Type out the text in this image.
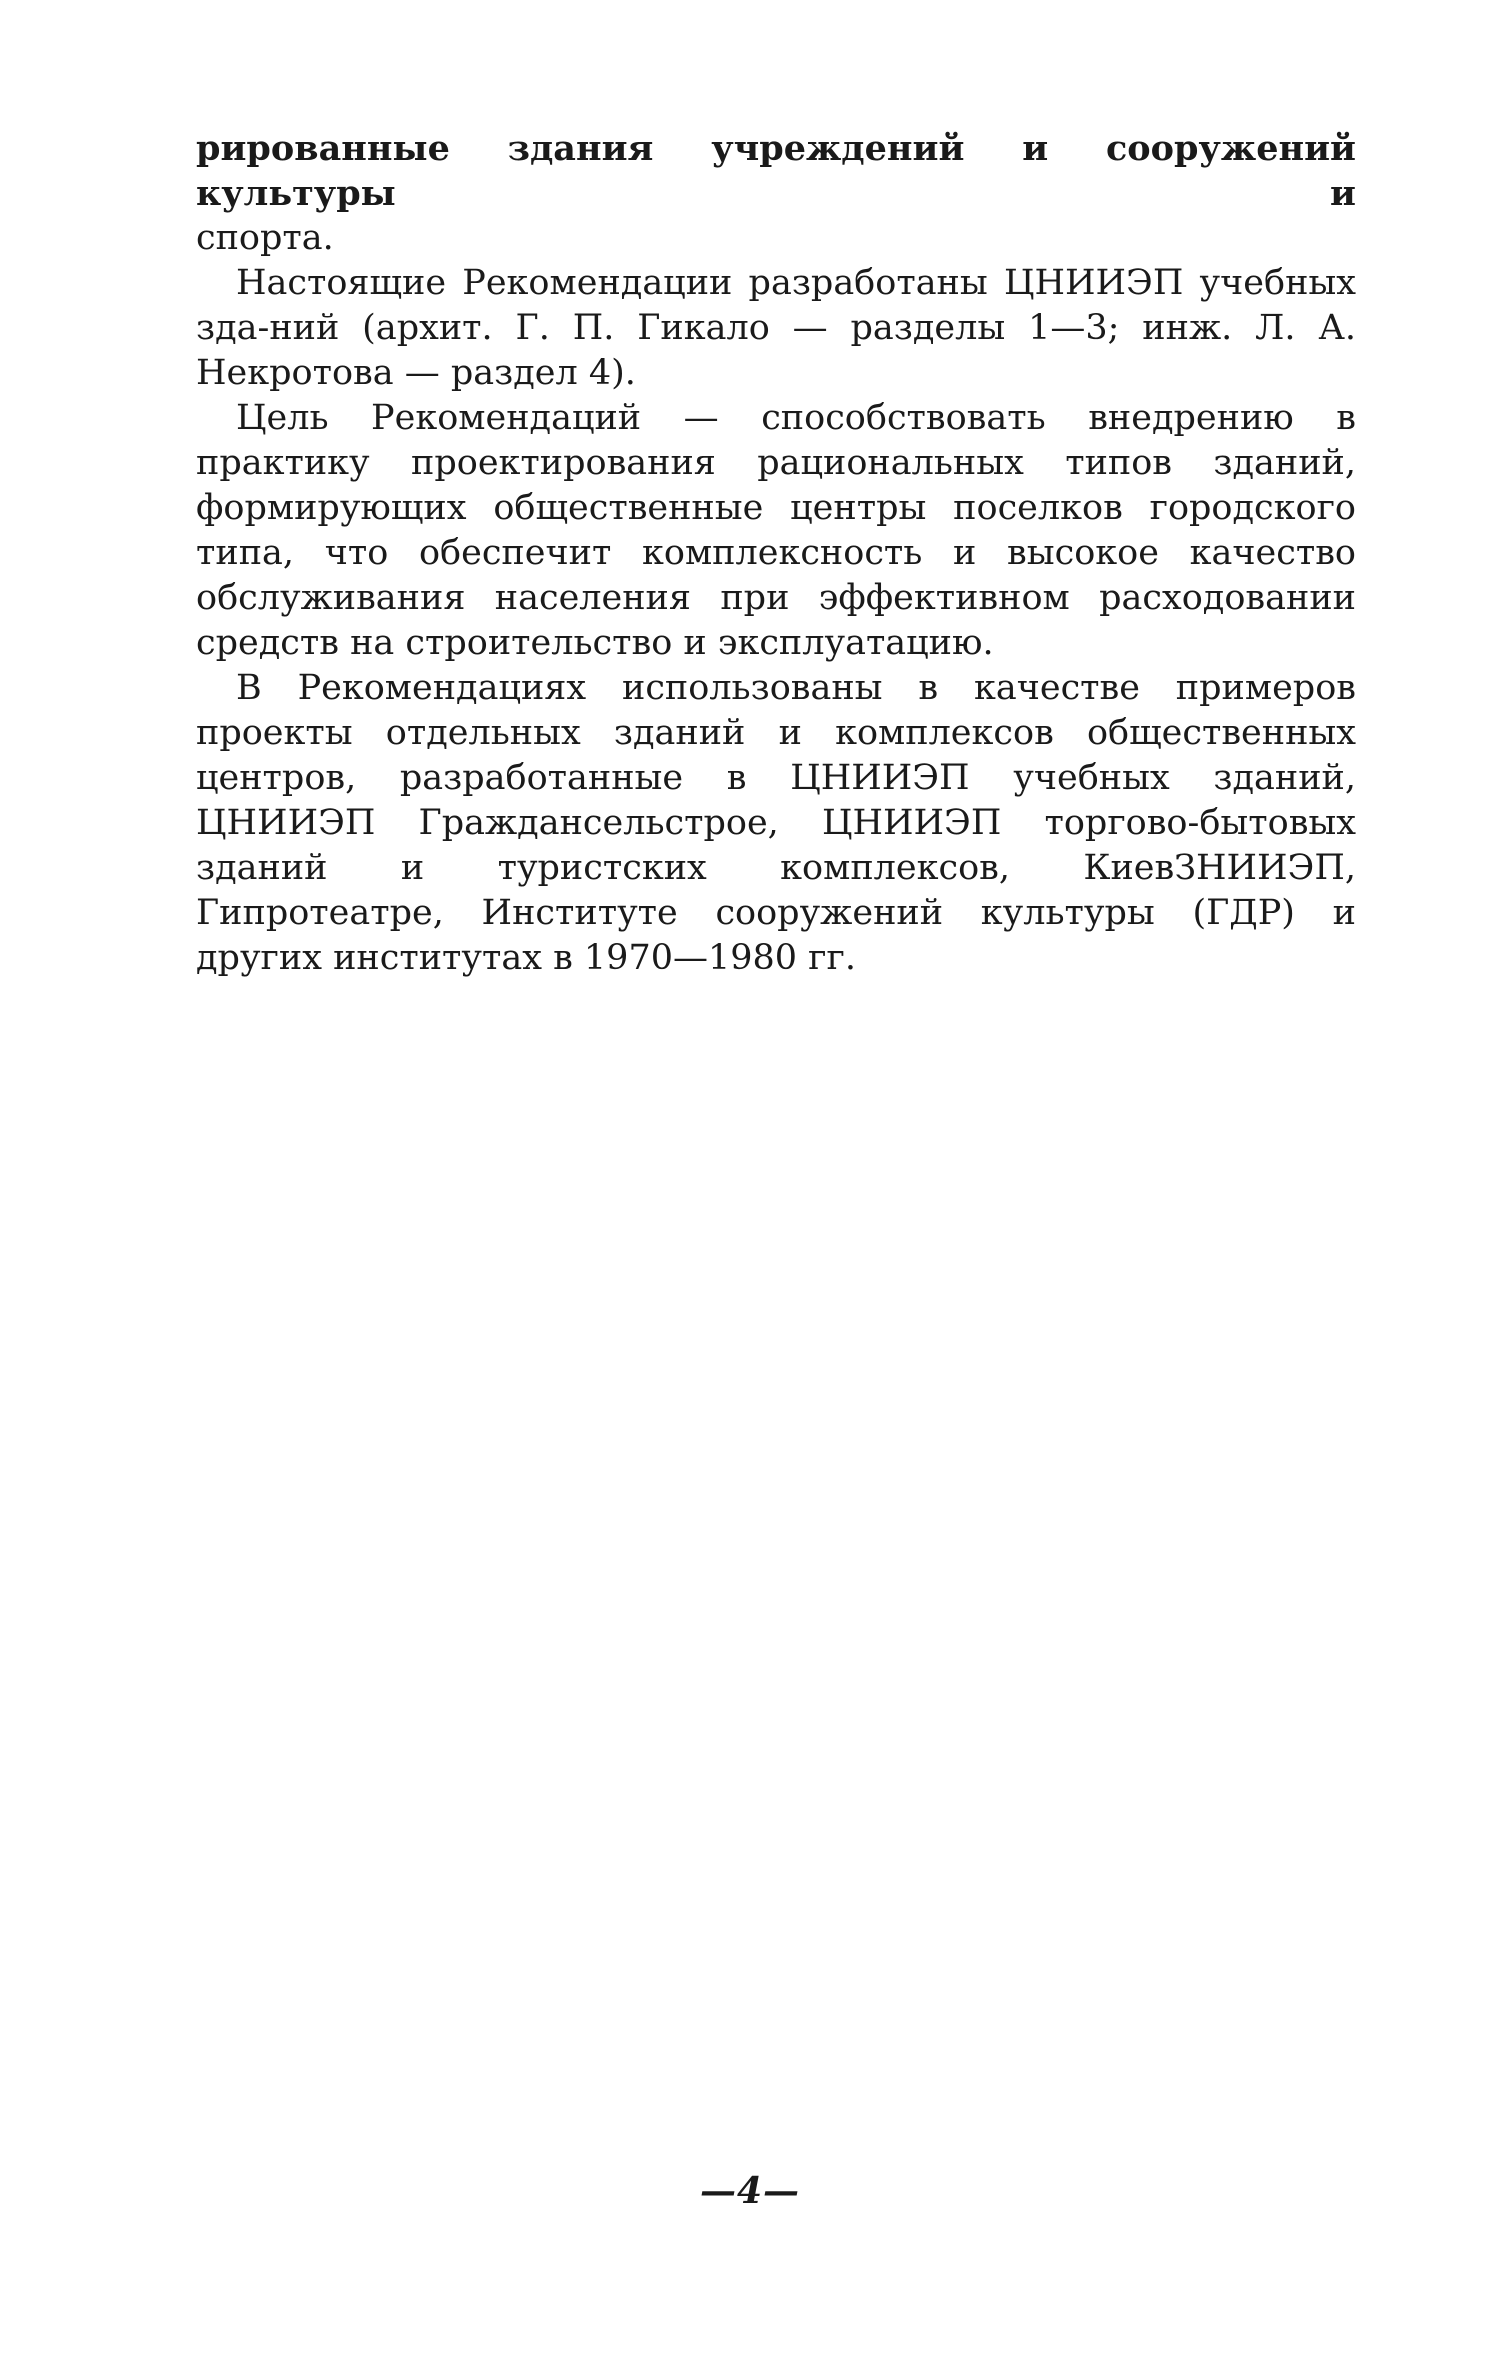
рированные здания учреждений и сооружений культуры и

спорта.

Настоящие Рекомендации разработаны ЦНИИЭП учебных зда-ний (архит. Г. П. Гикало — разделы 1—3; инж. Л. А. Некротова — раздел 4).

Цель Рекомендаций — способствовать внедрению в практику проектирования рациональных типов зданий, формирующих общественные центры поселков городского типа, что обеспечит комплексность и высокое качество обслуживания населения при эффективном расходовании средств на строительство и эксплуатацию.

В Рекомендациях использованы в качестве примеров проекты отдельных зданий и комплексов общественных центров, разработанные в ЦНИИЭП учебных зданий, ЦНИИЭП Граждансельстрое, ЦНИИЭП торгово-бытовых зданий и туристских комплексов, КиевЗНИИЭП, Гипротеатре, Институте сооружений культуры (ГДР) и других институтах в 1970—1980 гг.

—4—
